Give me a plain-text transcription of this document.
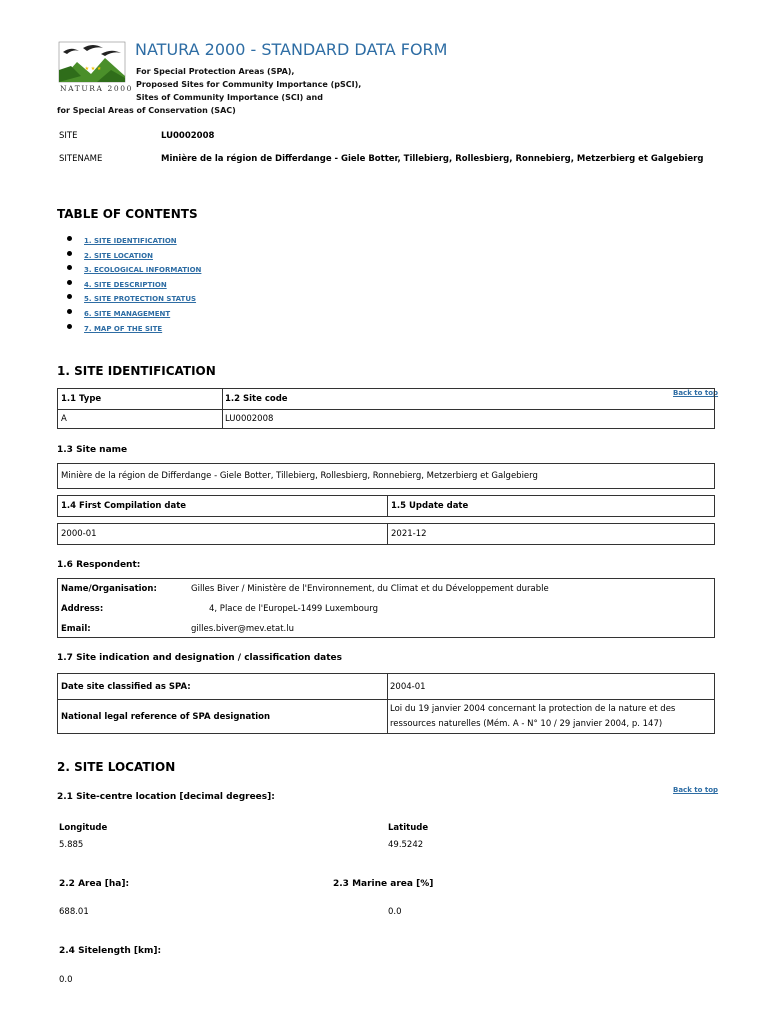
★ ★ ★
NATURA 2000
NATURA 2000 - STANDARD DATA FORM
For Special Protection Areas (SPA),
Proposed Sites for Community Importance (pSCI),
Sites of Community Importance (SCI) and
for Special Areas of Conservation (SAC)
SITE	LU0002008
SITENAME	Minière de la région de Differdange - Giele Botter, Tillebierg, Rollesbierg, Ronnebierg, Metzerbierg et Galgebierg
TABLE OF CONTENTS
1. SITE IDENTIFICATION
2. SITE LOCATION
3. ECOLOGICAL INFORMATION
4. SITE DESCRIPTION
5. SITE PROTECTION STATUS
6. SITE MANAGEMENT
7. MAP OF THE SITE
1. SITE IDENTIFICATION
Back to top
1.1 Type	1.2 Site code
A	LU0002008
1.3 Site name
Minière de la région de Differdange - Giele Botter, Tillebierg, Rollesbierg, Ronnebierg, Metzerbierg et Galgebierg
1.4 First Compilation date	1.5 Update date
2000-01	2021-12
1.6 Respondent:
Name/Organisation:	Gilles Biver / Ministère de l'Environnement, du Climat et du Développement durable
Address:	4, Place de l'EuropeL-1499 Luxembourg
Email:	gilles.biver@mev.etat.lu
1.7 Site indication and designation / classification dates
Date site classified as SPA:	2004-01
National legal reference of SPA designation
Loi du 19 janvier 2004 concernant la protection de la nature et des
ressources naturelles (Mém. A - N° 10 / 29 janvier 2004, p. 147)
2. SITE LOCATION
Back to top
2.1 Site-centre location [decimal degrees]:
Longitude	Latitude
5.885	49.5242
2.2 Area [ha]:	2.3 Marine area [%]
688.01	0.0
2.4 Sitelength [km]:
0.0
